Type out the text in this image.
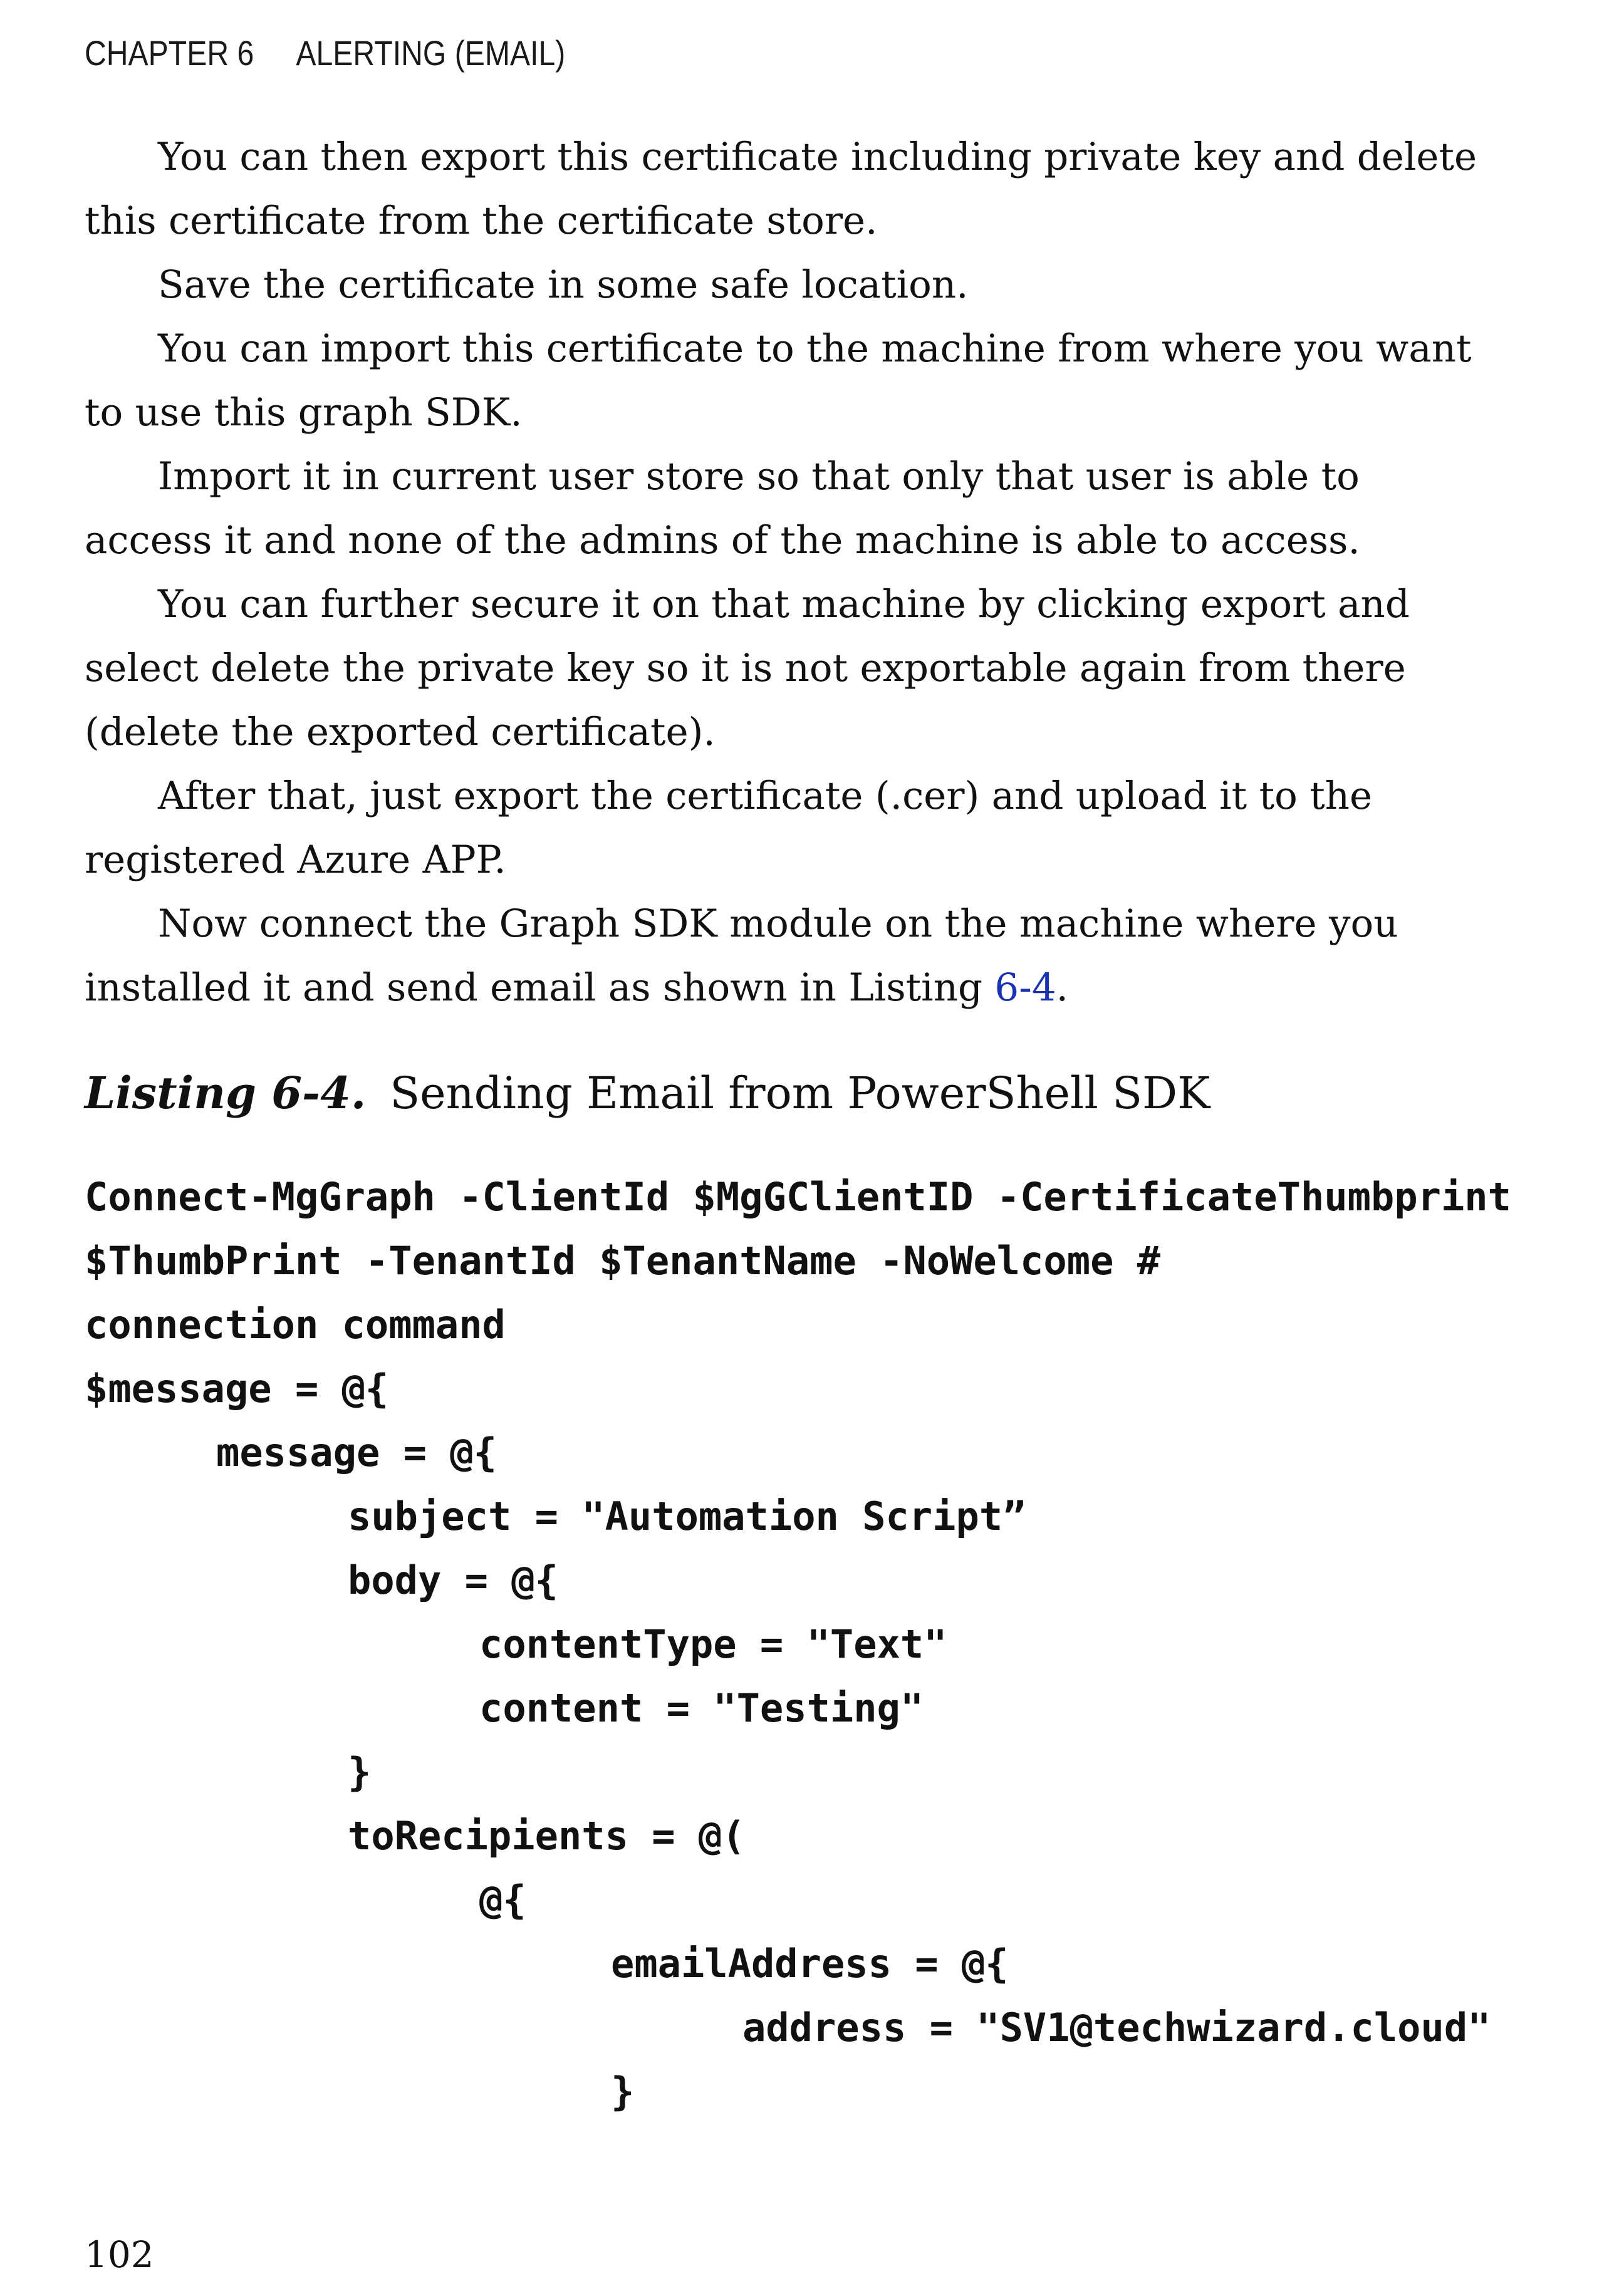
CHAPTER 6 ALERTING (EMAIL)

You can then export this certificate including private key and delete this certificate from the certificate store.

Save the certificate in some safe location.

You can import this certificate to the machine from where you want to use this graph SDK.

Import it in current user store so that only that user is able to access it and none of the admins of the machine is able to access.

You can further secure it on that machine by clicking export and select delete the private key so it is not exportable again from there (delete the exported certificate).

After that, just export the certificate (.cer) and upload it to the registered Azure APP.

Now connect the Graph SDK module on the machine where you installed it and send email as shown in Listing 6-4.

Listing 6-4. Sending Email from PowerShell SDK
Connect-MgGraph -ClientId $MgGClientID -CertificateThumbprint
$ThumbPrint -TenantId $TenantName -NoWelcome #
connection command
$message = @{
message = @{
subject = "Automation Script”
body = @{
contentType = "Text"
content = "Testing"
}
toRecipients = @(
@{
emailAddress = @{
address = "SV1@techwizard.cloud"
}
102
